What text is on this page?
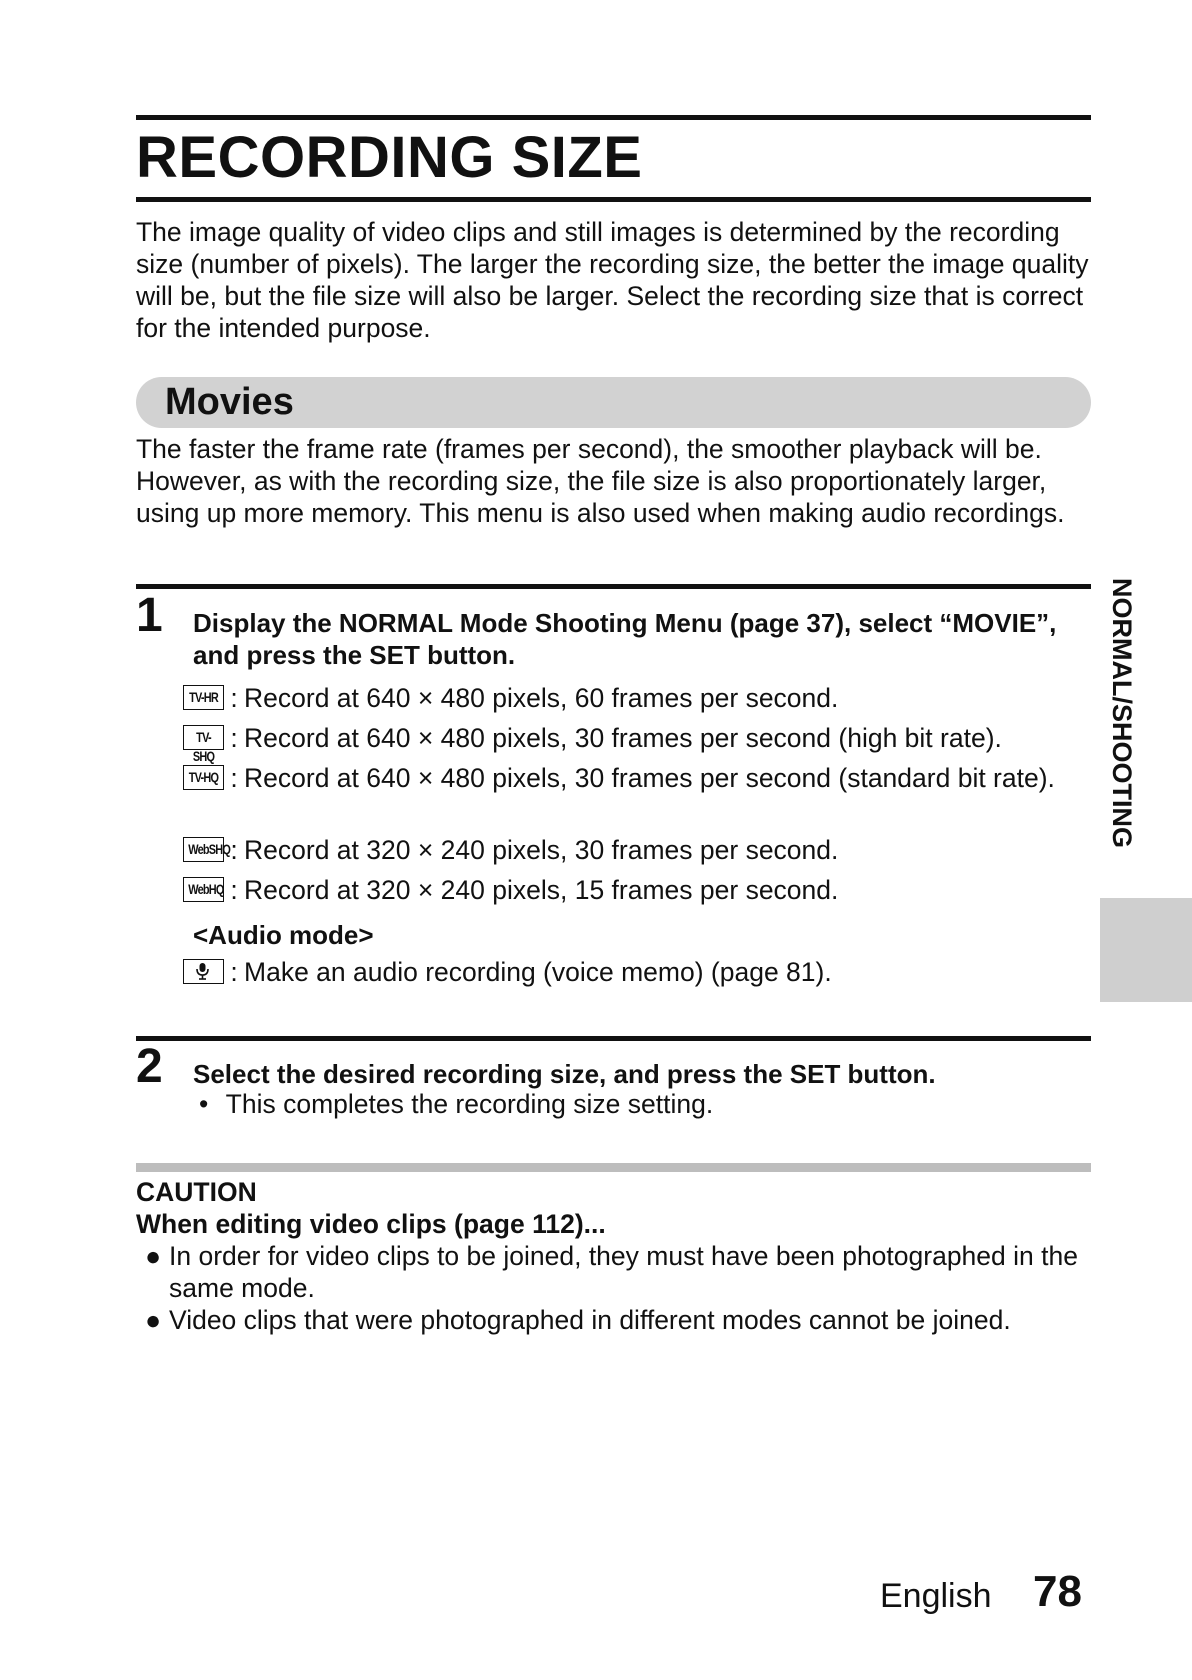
RECORDING SIZE
The image quality of video clips and still images is determined by the recording size (number of pixels). The larger the recording size, the better the image quality will be, but the file size will also be larger. Select the recording size that is correct for the intended purpose.
Movies
The faster the frame rate (frames per second), the smoother playback will be. However, as with the recording size, the file size is also proportionately larger, using up more memory. This menu is also used when making audio recordings.
1 Display the NORMAL Mode Shooting Menu (page 37), select “MOVIE”, and press the SET button.
TV-HR : Record at 640 × 480 pixels, 60 frames per second.
TV-SHQ
: Record at 640 × 480 pixels, 30 frames per second (high bit rate).
TV-HQ : Record at 640 × 480 pixels, 30 frames per second (standard bit rate).
WebSHQ : Record at 320 × 240 pixels, 30 frames per second.
WebHQ : Record at 320 × 240 pixels, 15 frames per second.
<Audio mode>
: Make an audio recording (voice memo) (page 81).
2 Select the desired recording size, and press the SET button.
• This completes the recording size setting.
CAUTION
When editing video clips (page 112)...
● In order for video clips to be joined, they must have been photographed in the same mode.
● Video clips that were photographed in different modes cannot be joined.
NORMAL/SHOOTING
English 78
